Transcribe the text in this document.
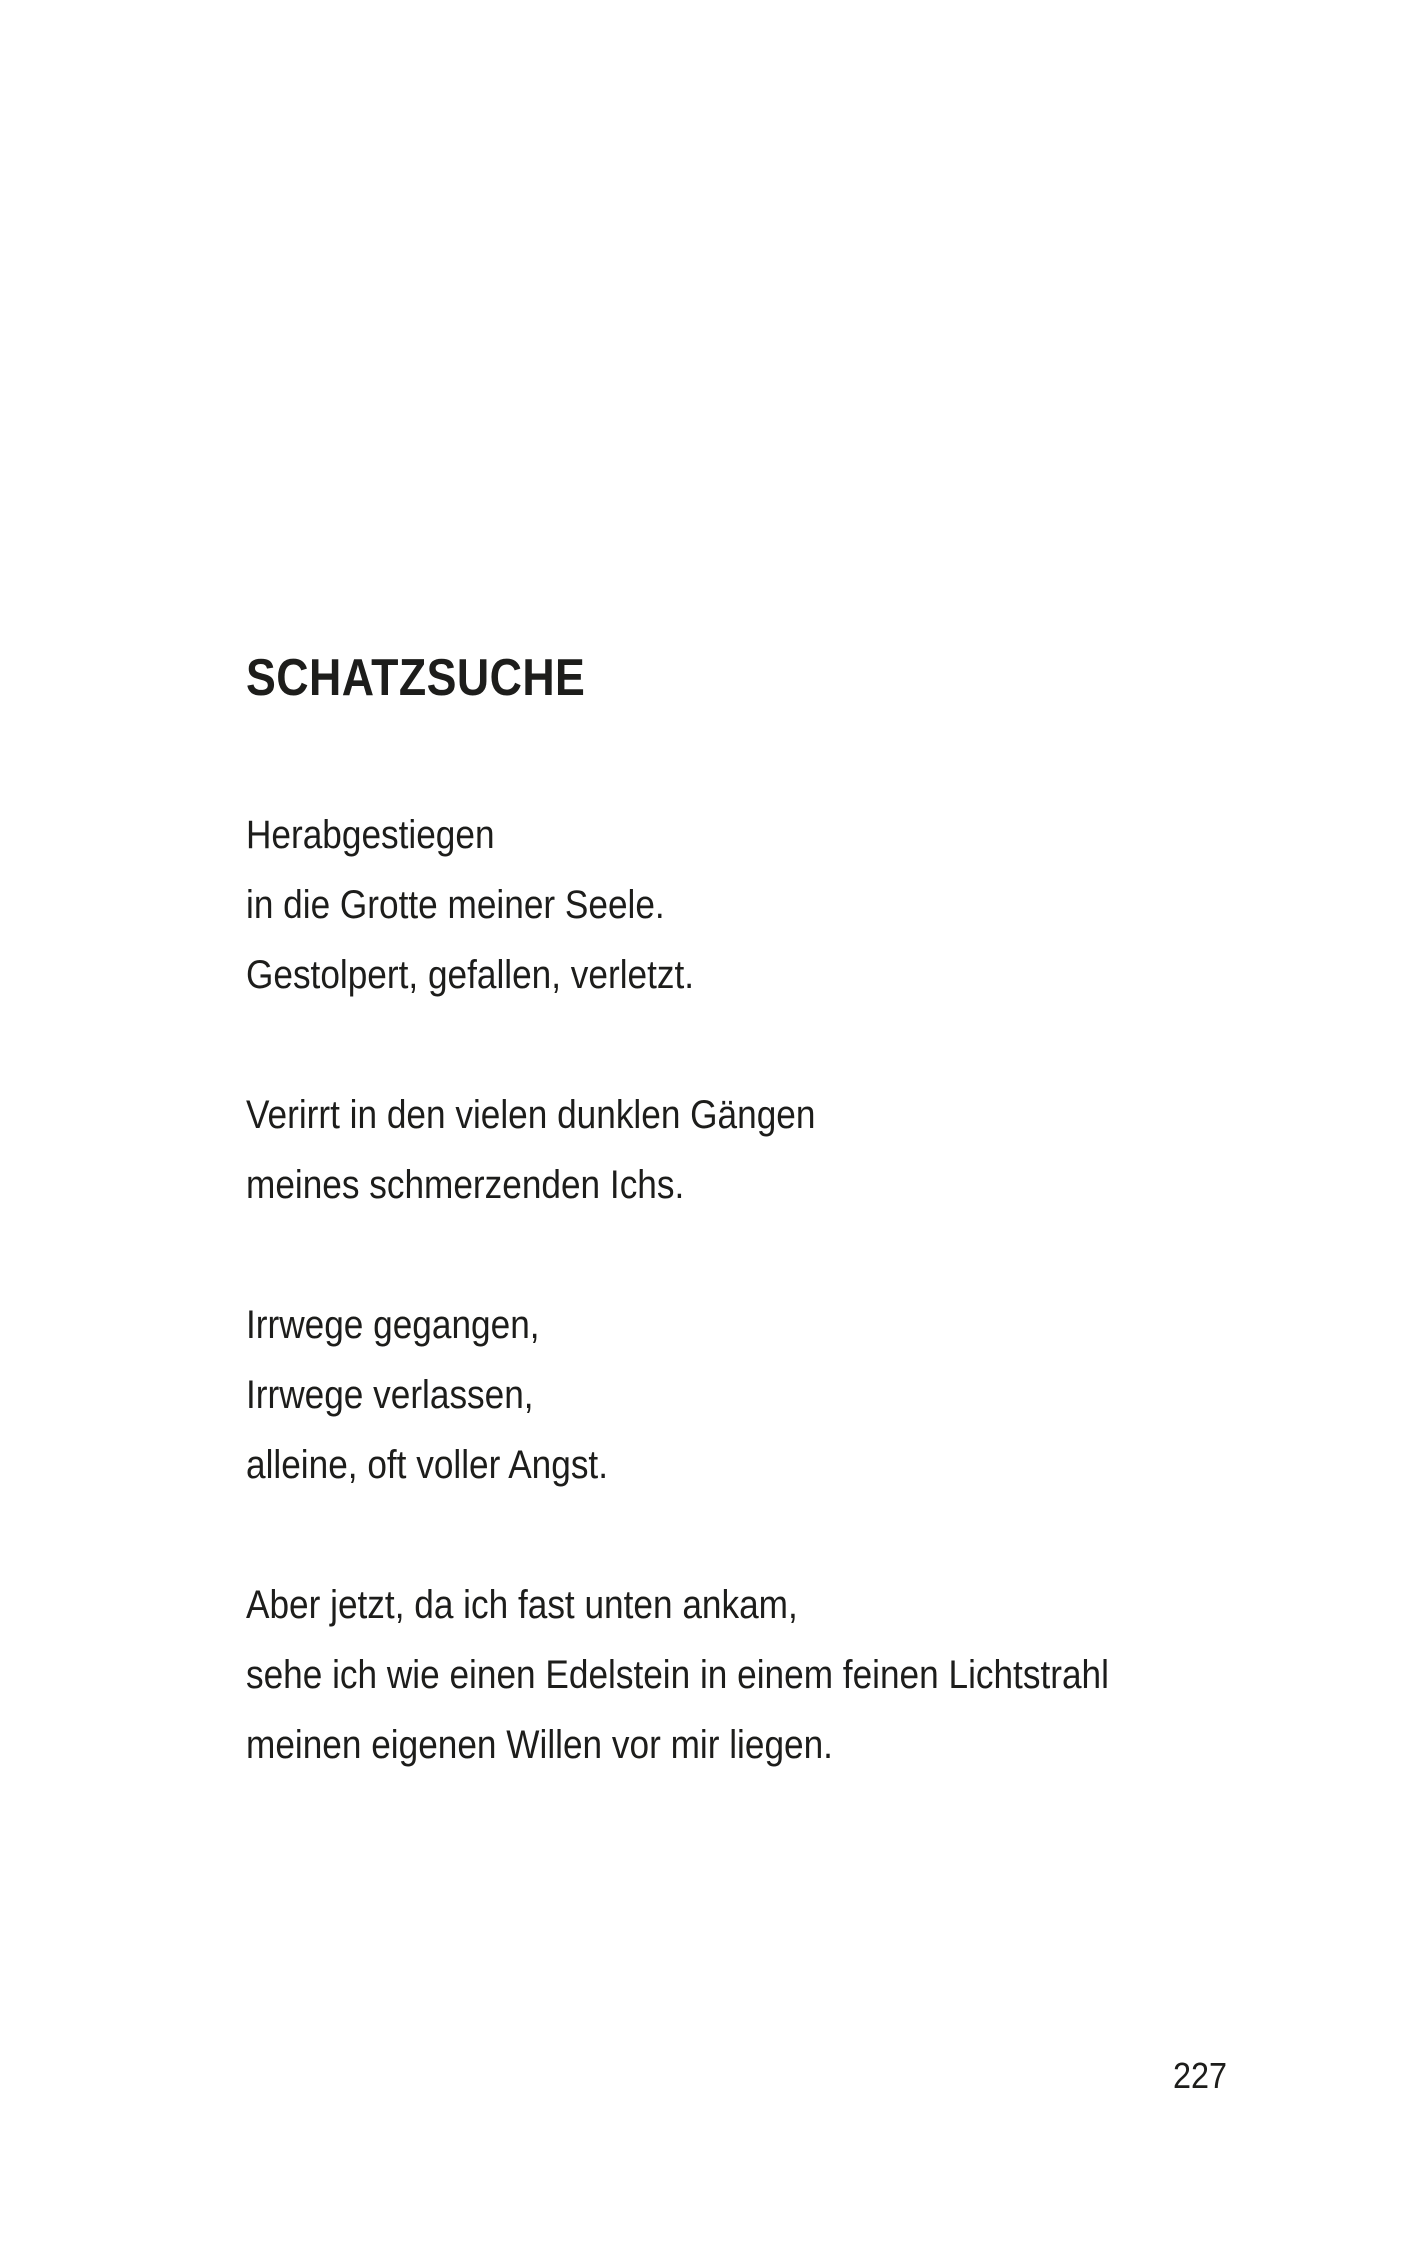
SCHATZSUCHE
Herabgestiegen
in die Grotte meiner Seele.
Gestolpert, gefallen, verletzt.
Verirrt in den vielen dunklen Gängen
meines schmerzenden Ichs.
Irrwege gegangen,
Irrwege verlassen,
alleine, oft voller Angst.
Aber jetzt, da ich fast unten ankam,
sehe ich wie einen Edelstein in einem feinen Lichtstrahl
meinen eigenen Willen vor mir liegen.
227
